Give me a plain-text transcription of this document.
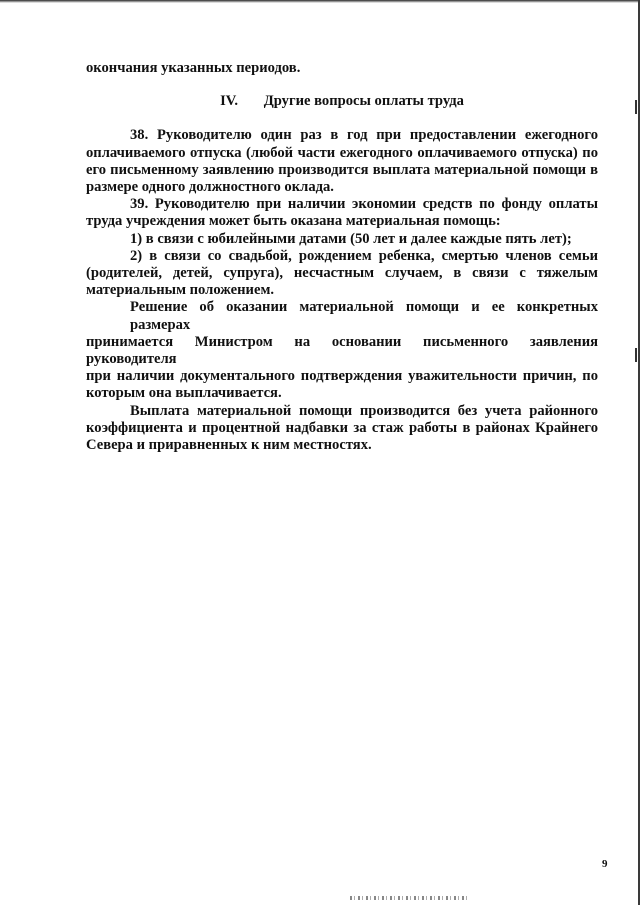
окончания указанных периодов.
IV. Другие вопросы оплаты труда
38. Руководителю один раз в год при предоставлении ежегодного
оплачиваемого отпуска (любой части ежегодного оплачиваемого отпуска) по
его письменному заявлению производится выплата материальной помощи в
размере одного должностного оклада.
39. Руководителю при наличии экономии средств по фонду оплаты
труда учреждения может быть оказана материальная помощь:
1) в связи с юбилейными датами (50 лет и далее каждые пять лет);
2) в связи со свадьбой, рождением ребенка, смертью членов семьи
(родителей, детей, супруга), несчастным случаем, в связи с тяжелым
материальным положением.
Решение об оказании материальной помощи и ее конкретных размерах
принимается Министром на основании письменного заявления руководителя
при наличии документального подтверждения уважительности причин, по
которым она выплачивается.
Выплата материальной помощи производится без учета районного
коэффициента и процентной надбавки за стаж работы в районах Крайнего
Севера и приравненных к ним местностях.
9
